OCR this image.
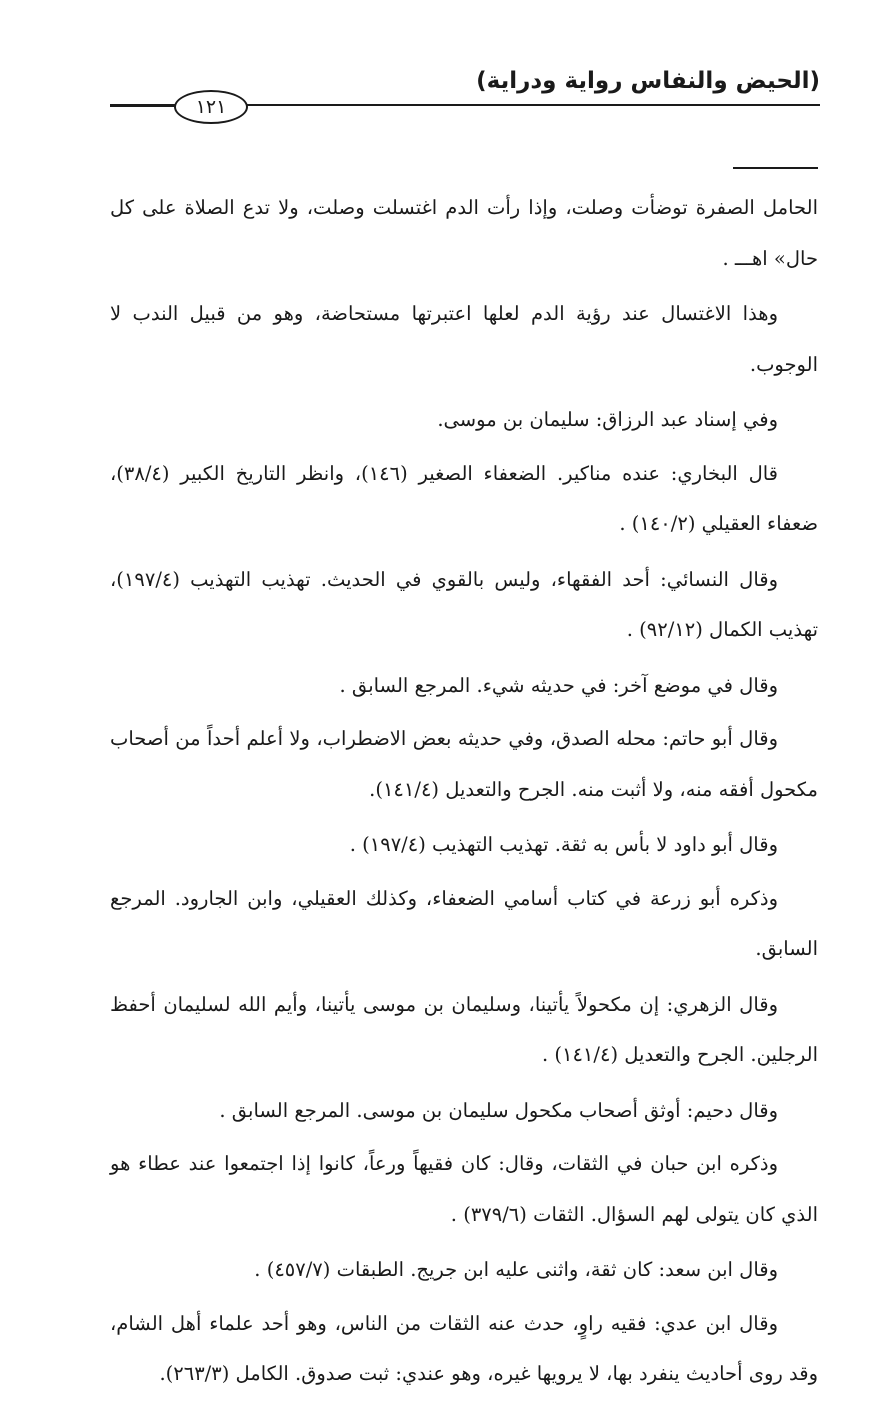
(الحيض والنفاس رواية ودراية)
١٢١

الحامل الصفرة توضأت وصلت، وإذا رأت الدم اغتسلت وصلت، ولا تدع الصلاة على كل حال» اهـــ .

وهذا الاغتسال عند رؤية الدم لعلها اعتبرتها مستحاضة، وهو من قبيل الندب لا الوجوب.

وفي إسناد عبد الرزاق: سليمان بن موسى.

قال البخاري: عنده مناكير. الضعفاء الصغير (١٤٦)، وانظر التاريخ الكبير (٣٨/٤)، ضعفاء العقيلي (١٤٠/٢) .

وقال النسائي: أحد الفقهاء، وليس بالقوي في الحديث. تهذيب التهذيب (١٩٧/٤)، تهذيب الكمال (٩٢/١٢) .

وقال في موضع آخر: في حديثه شيء. المرجع السابق .

وقال أبو حاتم: محله الصدق، وفي حديثه بعض الاضطراب، ولا أعلم أحداً من أصحاب مكحول أفقه منه، ولا أثبت منه. الجرح والتعديل (١٤١/٤).

وقال أبو داود لا بأس به ثقة. تهذيب التهذيب (١٩٧/٤) .

وذكره أبو زرعة في كتاب أسامي الضعفاء، وكذلك العقيلي، وابن الجارود. المرجع السابق.

وقال الزهري: إن مكحولاً يأتينا، وسليمان بن موسى يأتينا، وأيم الله لسليمان أحفظ الرجلين. الجرح والتعديل (١٤١/٤) .

وقال دحيم: أوثق أصحاب مكحول سليمان بن موسى. المرجع السابق .

وذكره ابن حبان في الثقات، وقال: كان فقيهاً ورعاً، كانوا إذا اجتمعوا عند عطاء هو الذي كان يتولى لهم السؤال. الثقات (٣٧٩/٦) .

وقال ابن سعد: كان ثقة، واثنى عليه ابن جريج. الطبقات (٤٥٧/٧) .

وقال ابن عدي: فقيه راوٍ، حدث عنه الثقات من الناس، وهو أحد علماء أهل الشام، وقد روى أحاديث ينفرد بها، لا يرويها غيره، وهو عندي: ثبت صدوق. الكامل (٢٦٣/٣).
